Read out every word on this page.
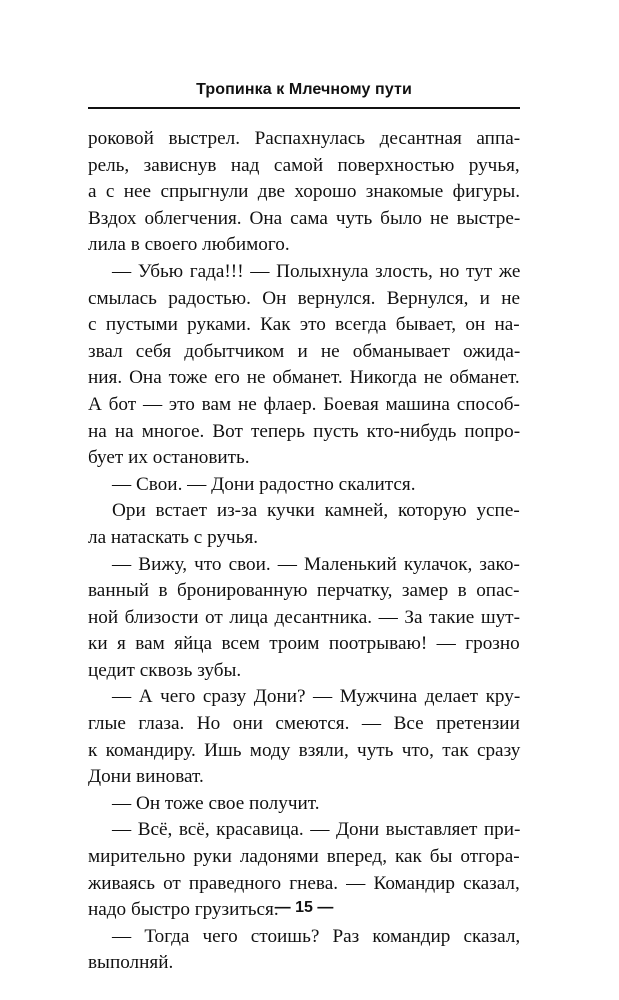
Тропинка к Млечному пути
роковой выстрел. Распахнулась десантная аппа-
рель, зависнув над самой поверхностью ручья,
а с нее спрыгнули две хорошо знакомые фигуры.
Вздох облегчения. Она сама чуть было не выстре-
лила в своего любимого.
— Убью гада!!! — Полыхнула злость, но тут же
смылась радостью. Он вернулся. Вернулся, и не
с пустыми руками. Как это всегда бывает, он на-
звал себя добытчиком и не обманывает ожида-
ния. Она тоже его не обманет. Никогда не обманет.
А бот — это вам не флаер. Боевая машина способ-
на на многое. Вот теперь пусть кто-нибудь попро-
бует их остановить.
— Свои. — Дони радостно скалится.
Ори встает из-за кучки камней, которую успе-
ла натаскать с ручья.
— Вижу, что свои. — Маленький кулачок, зако-
ванный в бронированную перчатку, замер в опас-
ной близости от лица десантника. — За такие шут-
ки я вам яйца всем троим поотрываю! — грозно
цедит сквозь зубы.
— А чего сразу Дони? — Мужчина делает кру-
глые глаза. Но они смеются. — Все претензии
к командиру. Ишь моду взяли, чуть что, так сразу
Дони виноват.
— Он тоже свое получит.
— Всё, всё, красавица. — Дони выставляет при-
мирительно руки ладонями вперед, как бы отгора-
живаясь от праведного гнева. — Командир сказал,
надо быстро грузиться.
— Тогда чего стоишь? Раз командир сказал,
выполняй.
— 15 —
